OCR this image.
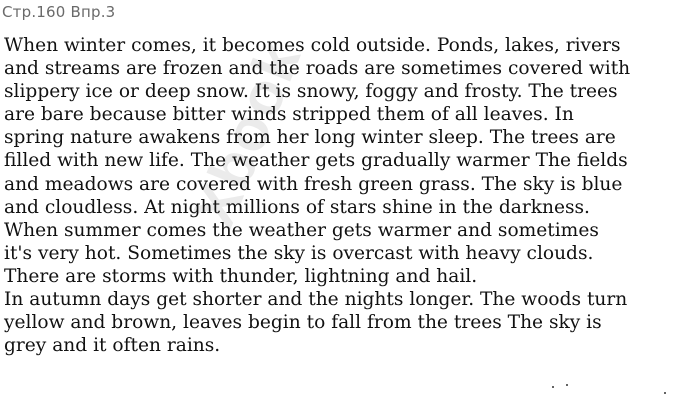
Стр.160 Впр.3
Xbook
When winter comes, it becomes cold outside. Ponds, lakes, rivers
and streams are frozen and the roads are sometimes covered with
slippery ice or deep snow. It is snowy, foggy and frosty. The trees
are bare because bitter winds stripped them of all leaves. In
spring nature awakens from her long winter sleep. The trees are
filled with new life. The weather gets gradually warmer The fields
and meadows are covered with fresh green grass. The sky is blue
and cloudless. At night millions of stars shine in the darkness.
When summer comes the weather gets warmer and sometimes
it's very hot. Sometimes the sky is overcast with heavy clouds.
There are storms with thunder, lightning and hail.
In autumn days get shorter and the nights longer. The woods turn
yellow and brown, leaves begin to fall from the trees The sky is
grey and it often rains.
